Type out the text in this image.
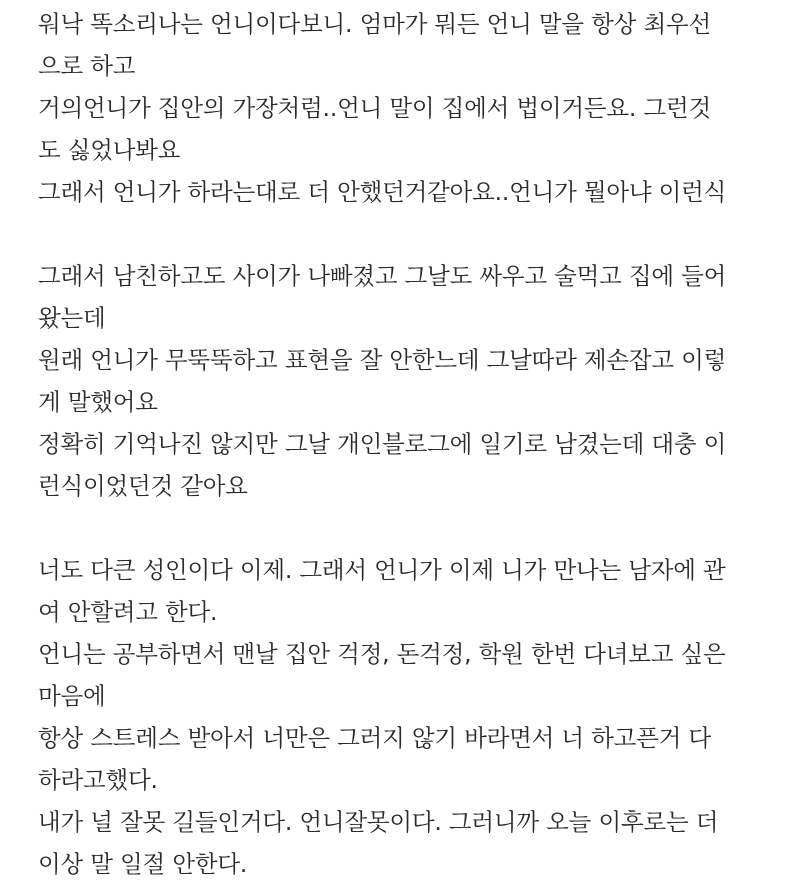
워낙 똑소리나는 언니이다보니. 엄마가 뭐든 언니 말을 항상 최우선
으로 하고
거의언니가 집안의 가장처럼..언니 말이 집에서 법이거든요. 그런것
도 싫었나봐요
그래서 언니가 하라는대로 더 안했던거같아요..언니가 뭘아냐 이런식
그래서 남친하고도 사이가 나빠졌고 그날도 싸우고 술먹고 집에 들어
왔는데
원래 언니가 무뚝뚝하고 표현을 잘 안한느데 그날따라 제손잡고 이렇
게 말했어요
정확히 기억나진 않지만 그날 개인블로그에 일기로 남겼는데 대충 이
런식이었던것 같아요
너도 다큰 성인이다 이제. 그래서 언니가 이제 니가 만나는 남자에 관
여 안할려고 한다.
언니는 공부하면서 맨날 집안 걱정, 돈걱정, 학원 한번 다녀보고 싶은
마음에
항상 스트레스 받아서 너만은 그러지 않기 바라면서 너 하고픈거 다
하라고했다.
내가 널 잘못 길들인거다. 언니잘못이다. 그러니까 오늘 이후로는 더
이상 말 일절 안한다.
